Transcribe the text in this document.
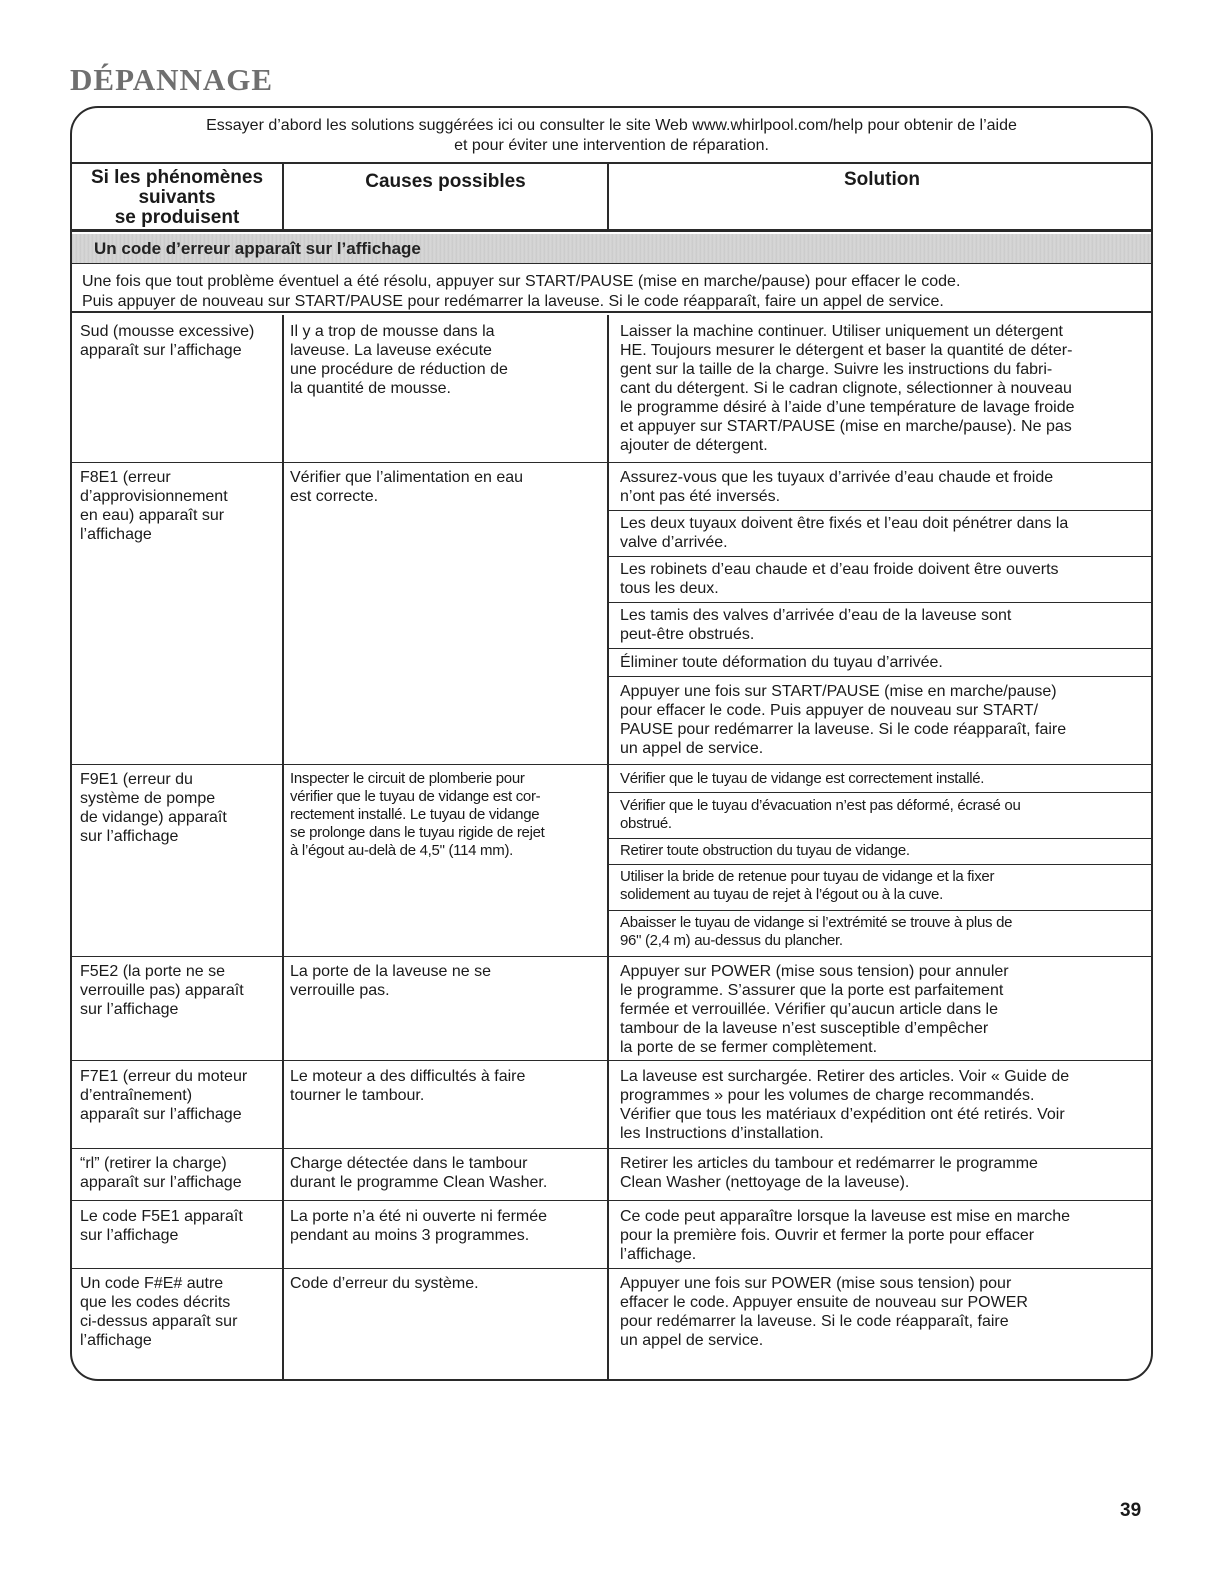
DÉPANNAGE
Essayer d’abord les solutions suggérées ici ou consulter le site Web www.whirlpool.com/help pour obtenir de l’aide
et pour éviter une intervention de réparation.
Si les phénomènes
suivants
se produisent
Causes possibles	Solution
Un code d’erreur apparaît sur l’affichage
Une fois que tout problème éventuel a été résolu, appuyer sur START/PAUSE (mise en marche/pause) pour effacer le code.
Puis appuyer de nouveau sur START/PAUSE pour redémarrer la laveuse. Si le code réapparaît, faire un appel de service.
Sud (mousse excessive)
apparaît sur l’affichage
Il y a trop de mousse dans la
laveuse. La laveuse exécute
une procédure de réduction de
la quantité de mousse.
Laisser la machine continuer. Utiliser uniquement un détergent
HE. Toujours mesurer le détergent et baser la quantité de déter-
gent sur la taille de la charge. Suivre les instructions du fabri-
cant du détergent. Si le cadran clignote, sélectionner à nouveau
le programme désiré à l’aide d’une température de lavage froide
et appuyer sur START/PAUSE (mise en marche/pause). Ne pas
ajouter de détergent.
F8E1 (erreur
d’approvisionnement
en eau) apparaît sur
l’affichage
Vérifier que l’alimentation en eau
est correcte.
Assurez-vous que les tuyaux d’arrivée d’eau chaude et froide
n’ont pas été inversés.
Les deux tuyaux doivent être fixés et l’eau doit pénétrer dans la
valve d’arrivée.
Les robinets d’eau chaude et d’eau froide doivent être ouverts
tous les deux.
Les tamis des valves d’arrivée d’eau de la laveuse sont
peut-être obstrués.
Éliminer toute déformation du tuyau d’arrivée.
Appuyer une fois sur START/PAUSE (mise en marche/pause)
pour effacer le code. Puis appuyer de nouveau sur START/
PAUSE pour redémarrer la laveuse. Si le code réapparaît, faire
un appel de service.
F9E1 (erreur du
système de pompe
de vidange) apparaît
sur l’affichage
Inspecter le circuit de plomberie pour
vérifier que le tuyau de vidange est cor-
rectement installé. Le tuyau de vidange
se prolonge dans le tuyau rigide de rejet
à l’égout au-delà de 4,5" (114 mm).
Vérifier que le tuyau de vidange est correctement installé.
Vérifier que le tuyau d’évacuation n’est pas déformé, écrasé ou
obstrué.
Retirer toute obstruction du tuyau de vidange.
Utiliser la bride de retenue pour tuyau de vidange et la fixer
solidement au tuyau de rejet à l’égout ou à la cuve.
Abaisser le tuyau de vidange si l’extrémité se trouve à plus de
96" (2,4 m) au-dessus du plancher.
F5E2 (la porte ne se
verrouille pas) apparaît
sur l’affichage
La porte de la laveuse ne se
verrouille pas.
Appuyer sur POWER (mise sous tension) pour annuler
le programme. S’assurer que la porte est parfaitement
fermée et verrouillée. Vérifier qu’aucun article dans le
tambour de la laveuse n’est susceptible d’empêcher
la porte de se fermer complètement.
F7E1 (erreur du moteur
d’entraînement)
apparaît sur l’affichage
Le moteur a des difficultés à faire
tourner le tambour.
La laveuse est surchargée. Retirer des articles. Voir « Guide de
programmes » pour les volumes de charge recommandés.
Vérifier que tous les matériaux d’expédition ont été retirés. Voir
les Instructions d’installation.
“rl” (retirer la charge)
apparaît sur l’affichage
Charge détectée dans le tambour
durant le programme Clean Washer.
Retirer les articles du tambour et redémarrer le programme
Clean Washer (nettoyage de la laveuse).
Le code F5E1 apparaît
sur l’affichage
La porte n’a été ni ouverte ni fermée
pendant au moins 3 programmes.
Ce code peut apparaître lorsque la laveuse est mise en marche
pour la première fois. Ouvrir et fermer la porte pour effacer
l’affichage.
Un code F#E# autre
que les codes décrits
ci-dessus apparaît sur
l’affichage
Code d’erreur du système.	Appuyer une fois sur POWER (mise sous tension) pour
effacer le code. Appuyer ensuite de nouveau sur POWER
pour redémarrer la laveuse. Si le code réapparaît, faire
un appel de service.
39
